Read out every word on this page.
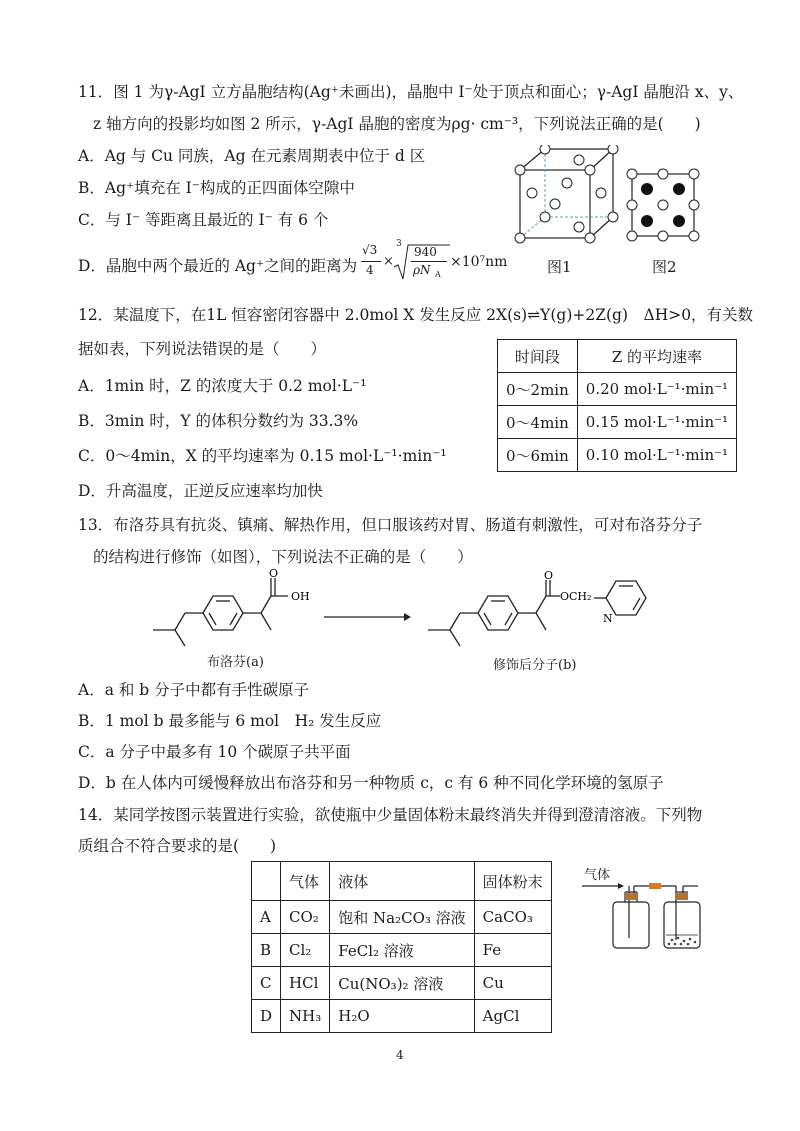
11．图 1 为γ-AgI 立方晶胞结构(Ag⁺未画出)，晶胞中 I⁻处于顶点和面心；γ-AgI 晶胞沿 x、y、
z 轴方向的投影均如图 2 所示，γ-AgI 晶胞的密度为ρg· cm⁻³，下列说法正确的是(　　)
A．Ag 与 Cu 同族，Ag 在元素周期表中位于 d 区
B．Ag⁺填充在 I⁻构成的正四面体空隙中
C．与 I⁻ 等距离且最近的 I⁻ 有 6 个
D．晶胞中两个最近的 Ag⁺之间的距离为
√3
4
×
3
940
ρN A
×10⁷nm	图1	图2
12．某温度下，在1L 恒容密闭容器中 2.0mol X 发生反应 2X(s)⇌Y(g)+2Z(g)　ΔH>0，有关数
据如表，下列说法错误的是（　　）
A．1min 时，Z 的浓度大于 0.2 mol·L⁻¹
B．3min 时，Y 的体积分数约为 33.3%
C．0～4min，X 的平均速率为 0.15 mol·L⁻¹·min⁻¹
D．升高温度，正逆反应速率均加快
时间段	Z 的平均速率
0～2min	0.20 mol·L⁻¹·min⁻¹
0～4min	0.15 mol·L⁻¹·min⁻¹
0～6min	0.10 mol·L⁻¹·min⁻¹
13．布洛芬具有抗炎、镇痛、解热作用，但口服该药对胃、肠道有刺激性，可对布洛芬分子
的结构进行修饰（如图），下列说法不正确的是（　　）
O
OH
布洛芬(a)
O
OCH₂
N
修饰后分子(b)
A．a 和 b 分子中都有手性碳原子
B．1 mol b 最多能与 6 mol　H₂ 发生反应
C．a 分子中最多有 10 个碳原子共平面
D．b 在人体内可缓慢释放出布洛芬和另一种物质 c，c 有 6 种不同化学环境的氢原子
14．某同学按图示装置进行实验，欲使瓶中少量固体粉末最终消失并得到澄清溶液。下列物
质组合不符合要求的是(　　)
	气体	液体	固体粉末
A	CO₂	饱和 Na₂CO₃ 溶液	CaCO₃
B	Cl₂	FeCl₂ 溶液	Fe
C	HCl	Cu(NO₃)₂ 溶液	Cu
D	NH₃	H₂O	AgCl
气体
4
